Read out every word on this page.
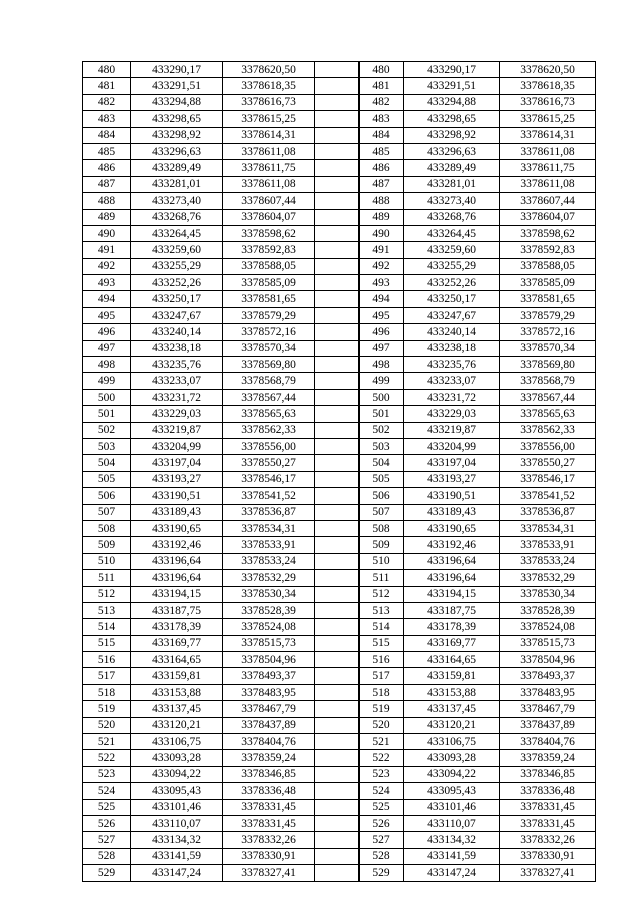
480	433290,17	3378620,50	
481	433291,51	3378618,35	
482	433294,88	3378616,73	
483	433298,65	3378615,25	
484	433298,92	3378614,31	
485	433296,63	3378611,08	
486	433289,49	3378611,75	
487	433281,01	3378611,08	
488	433273,40	3378607,44	
489	433268,76	3378604,07	
490	433264,45	3378598,62	
491	433259,60	3378592,83	
492	433255,29	3378588,05	
493	433252,26	3378585,09	
494	433250,17	3378581,65	
495	433247,67	3378579,29	
496	433240,14	3378572,16	
497	433238,18	3378570,34	
498	433235,76	3378569,80	
499	433233,07	3378568,79	
500	433231,72	3378567,44	
501	433229,03	3378565,63	
502	433219,87	3378562,33	
503	433204,99	3378556,00	
504	433197,04	3378550,27	
505	433193,27	3378546,17	
506	433190,51	3378541,52	
507	433189,43	3378536,87	
508	433190,65	3378534,31	
509	433192,46	3378533,91	
510	433196,64	3378533,24	
511	433196,64	3378532,29	
512	433194,15	3378530,34	
513	433187,75	3378528,39	
514	433178,39	3378524,08	
515	433169,77	3378515,73	
516	433164,65	3378504,96	
517	433159,81	3378493,37	
518	433153,88	3378483,95	
519	433137,45	3378467,79	
520	433120,21	3378437,89	
521	433106,75	3378404,76	
522	433093,28	3378359,24	
523	433094,22	3378346,85	
524	433095,43	3378336,48	
525	433101,46	3378331,45	
526	433110,07	3378331,45	
527	433134,32	3378332,26	
528	433141,59	3378330,91	
529	433147,24	3378327,41	
480	433290,17	3378620,50
481	433291,51	3378618,35
482	433294,88	3378616,73
483	433298,65	3378615,25
484	433298,92	3378614,31
485	433296,63	3378611,08
486	433289,49	3378611,75
487	433281,01	3378611,08
488	433273,40	3378607,44
489	433268,76	3378604,07
490	433264,45	3378598,62
491	433259,60	3378592,83
492	433255,29	3378588,05
493	433252,26	3378585,09
494	433250,17	3378581,65
495	433247,67	3378579,29
496	433240,14	3378572,16
497	433238,18	3378570,34
498	433235,76	3378569,80
499	433233,07	3378568,79
500	433231,72	3378567,44
501	433229,03	3378565,63
502	433219,87	3378562,33
503	433204,99	3378556,00
504	433197,04	3378550,27
505	433193,27	3378546,17
506	433190,51	3378541,52
507	433189,43	3378536,87
508	433190,65	3378534,31
509	433192,46	3378533,91
510	433196,64	3378533,24
511	433196,64	3378532,29
512	433194,15	3378530,34
513	433187,75	3378528,39
514	433178,39	3378524,08
515	433169,77	3378515,73
516	433164,65	3378504,96
517	433159,81	3378493,37
518	433153,88	3378483,95
519	433137,45	3378467,79
520	433120,21	3378437,89
521	433106,75	3378404,76
522	433093,28	3378359,24
523	433094,22	3378346,85
524	433095,43	3378336,48
525	433101,46	3378331,45
526	433110,07	3378331,45
527	433134,32	3378332,26
528	433141,59	3378330,91
529	433147,24	3378327,41
